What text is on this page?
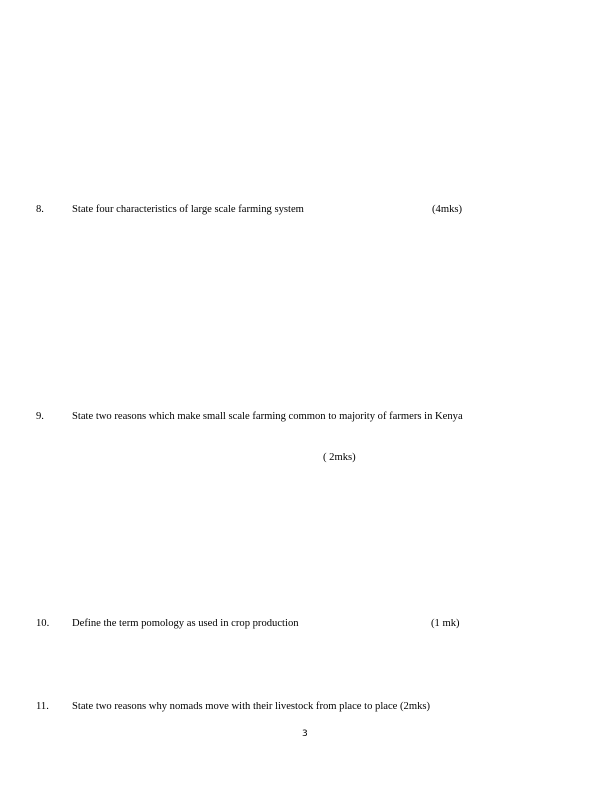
8.	State four characteristics of large scale farming system	(4mks)
9.	State two reasons which make small scale farming common to majority of farmers in Kenya
( 2mks)
10. Define the term pomology as used in crop production	(1 mk)
11. State two reasons why nomads move with their livestock from place to place (2mks)
3
